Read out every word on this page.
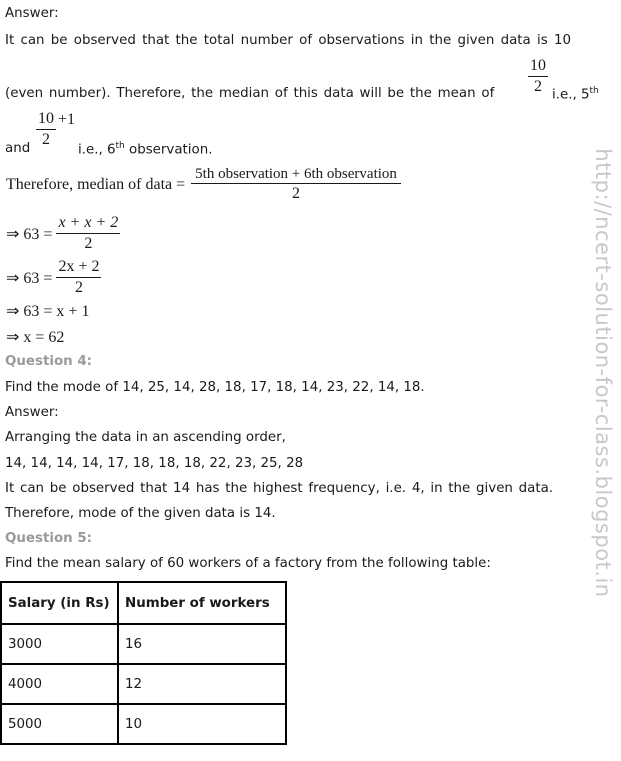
http://ncert-solution-for-class.blogspot.in
Answer:
It can be observed that the total number of observations in the given data is 10
(even number). Therefore, the median of this data will be the mean of $\frac{10}{2} i.e$., 5th
and $\frac{10}{2} +1$
i.e., 6th observation.
Therefore, median of data = $\frac{\text{5th observation + 6th observation}}{2}$
⇒ $63 = \frac{x + x + 2}{2}$
⇒ $63 = \frac{2x + 2}{2}$
⇒ 63 = x + 1
⇒ x = 62
Question 4:
Find the mode of 14, 25, 14, 28, 18, 17, 18, 14, 23, 22, 14, 18.
Answer:
Arranging the data in an ascending order,
14, 14, 14, 14, 17, 18, 18, 18, 22, 23, 25, 28
It can be observed that 14 has the highest frequency, i.e. 4, in the given data.
Therefore, mode of the given data is 14.
Question 5:
Find the mean salary of 60 workers of a factory from the following table:
Salary (in Rs)	Number of workers
3000	16
4000	12
5000	10
